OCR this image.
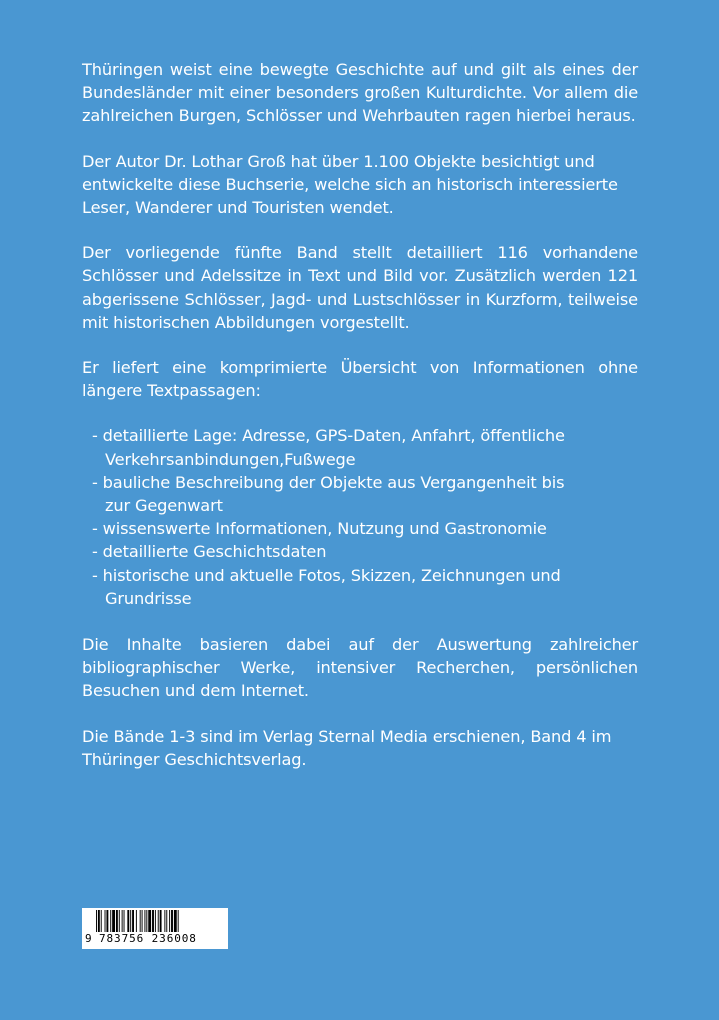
Thüringen weist eine bewegte Geschichte auf und gilt als eines der Bundesländer mit einer besonders großen Kulturdichte. Vor allem die zahlreichen Burgen, Schlösser und Wehrbauten ragen hierbei heraus.

Der Autor Dr. Lothar Groß hat über 1.100 Objekte besichtigt und entwickelte diese Buchserie, welche sich an historisch interessierte Leser, Wanderer und Touristen wendet.

Der vorliegende fünfte Band stellt detailliert 116 vorhandene Schlösser und Adelssitze in Text und Bild vor. Zusätzlich werden 121 abgerissene Schlösser, Jagd- und Lustschlösser in Kurzform, teilweise mit historischen Abbildungen vorgestellt.

Er liefert eine komprimierte Übersicht von Informationen ohne längere Textpassagen:

- detaillierte Lage: Adresse, GPS-Daten, Anfahrt, öffentliche
Verkehrsanbindungen,Fußwege
- bauliche Beschreibung der Objekte aus Vergangenheit bis
zur Gegenwart
- wissenswerte Informationen, Nutzung und Gastronomie
- detaillierte Geschichtsdaten
- historische und aktuelle Fotos, Skizzen, Zeichnungen und
Grundrisse

Die Inhalte basieren dabei auf der Auswertung zahlreicher bibliographischer Werke, intensiver Recherchen, persönlichen Besuchen und dem Internet.

Die Bände 1-3 sind im Verlag Sternal Media erschienen, Band 4 im Thüringer Geschichtsverlag.

9 783756 236008
